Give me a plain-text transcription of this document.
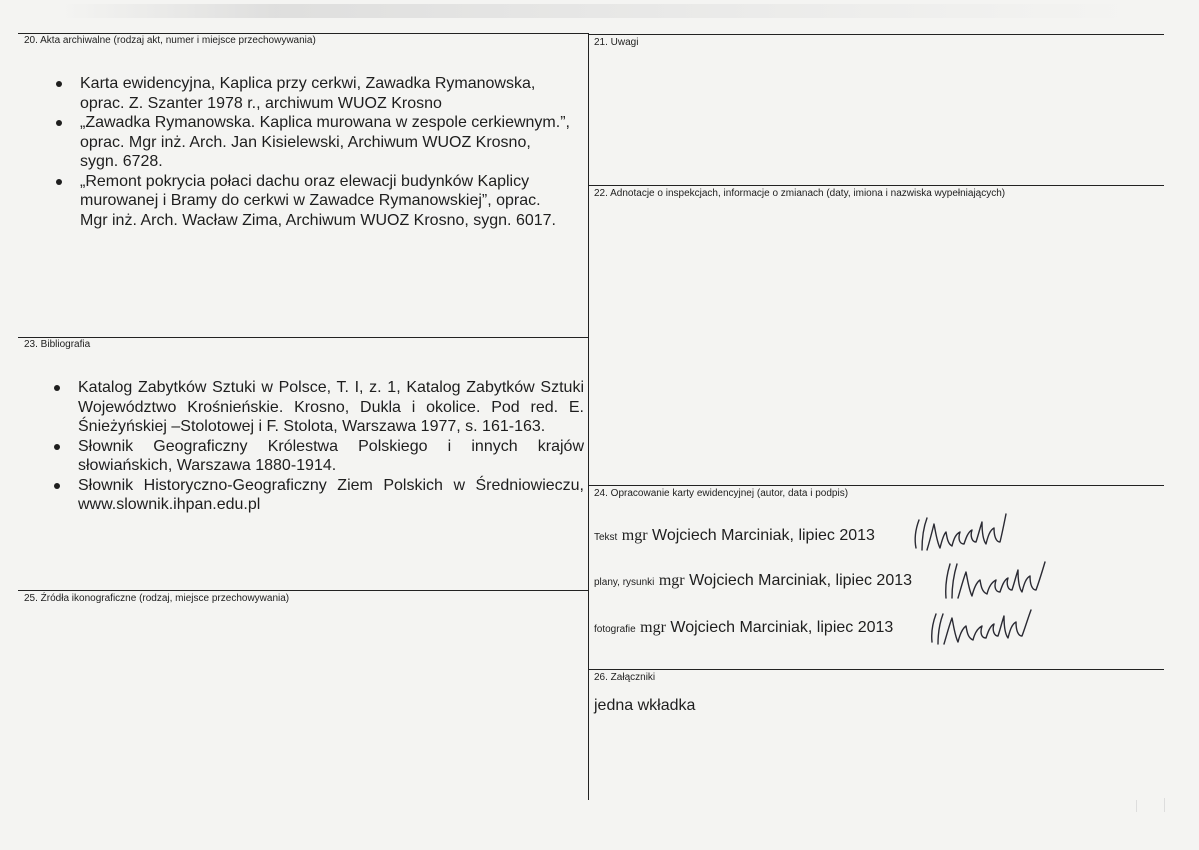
20. Akta archiwalne (rodzaj akt, numer i miejsce przechowywania)
Karta ewidencyjna, Kaplica przy cerkwi, Zawadka Rymanowska, oprac. Z. Szanter 1978 r., archiwum WUOZ Krosno
„Zawadka Rymanowska. Kaplica murowana w zespole cerkiewnym.”, oprac. Mgr inż. Arch. Jan Kisielewski, Archiwum WUOZ Krosno, sygn. 6728.
„Remont pokrycia połaci dachu oraz elewacji budynków Kaplicy murowanej i Bramy do cerkwi w Zawadce Rymanowskiej”, oprac. Mgr inż. Arch. Wacław Zima, Archiwum WUOZ Krosno, sygn. 6017.
21. Uwagi
22. Adnotacje o inspekcjach, informacje o zmianach (daty, imiona i nazwiska wypełniających)
23. Bibliografia
Katalog Zabytków Sztuki w Polsce, T. I, z. 1, Katalog Zabytków Sztuki Województwo Krośnieńskie. Krosno, Dukla i okolice. Pod red. E. Śnieżyńskiej –Stolotowej i F. Stolota, Warszawa 1977, s. 161-163.
Słownik Geograficzny Królestwa Polskiego i innych krajów słowiańskich, Warszawa 1880-1914.
Słownik Historyczno-Geograficzny Ziem Polskich w Średniowieczu, www.slownik.ihpan.edu.pl
24. Opracowanie karty ewidencyjnej (autor, data i podpis)
Tekst mgr Wojciech Marciniak, lipiec 2013
plany, rysunki mgr Wojciech Marciniak, lipiec 2013
fotografie mgr Wojciech Marciniak, lipiec 2013
25. Źródła ikonograficzne (rodzaj, miejsce przechowywania)
26. Załączniki
jedna wkładka
